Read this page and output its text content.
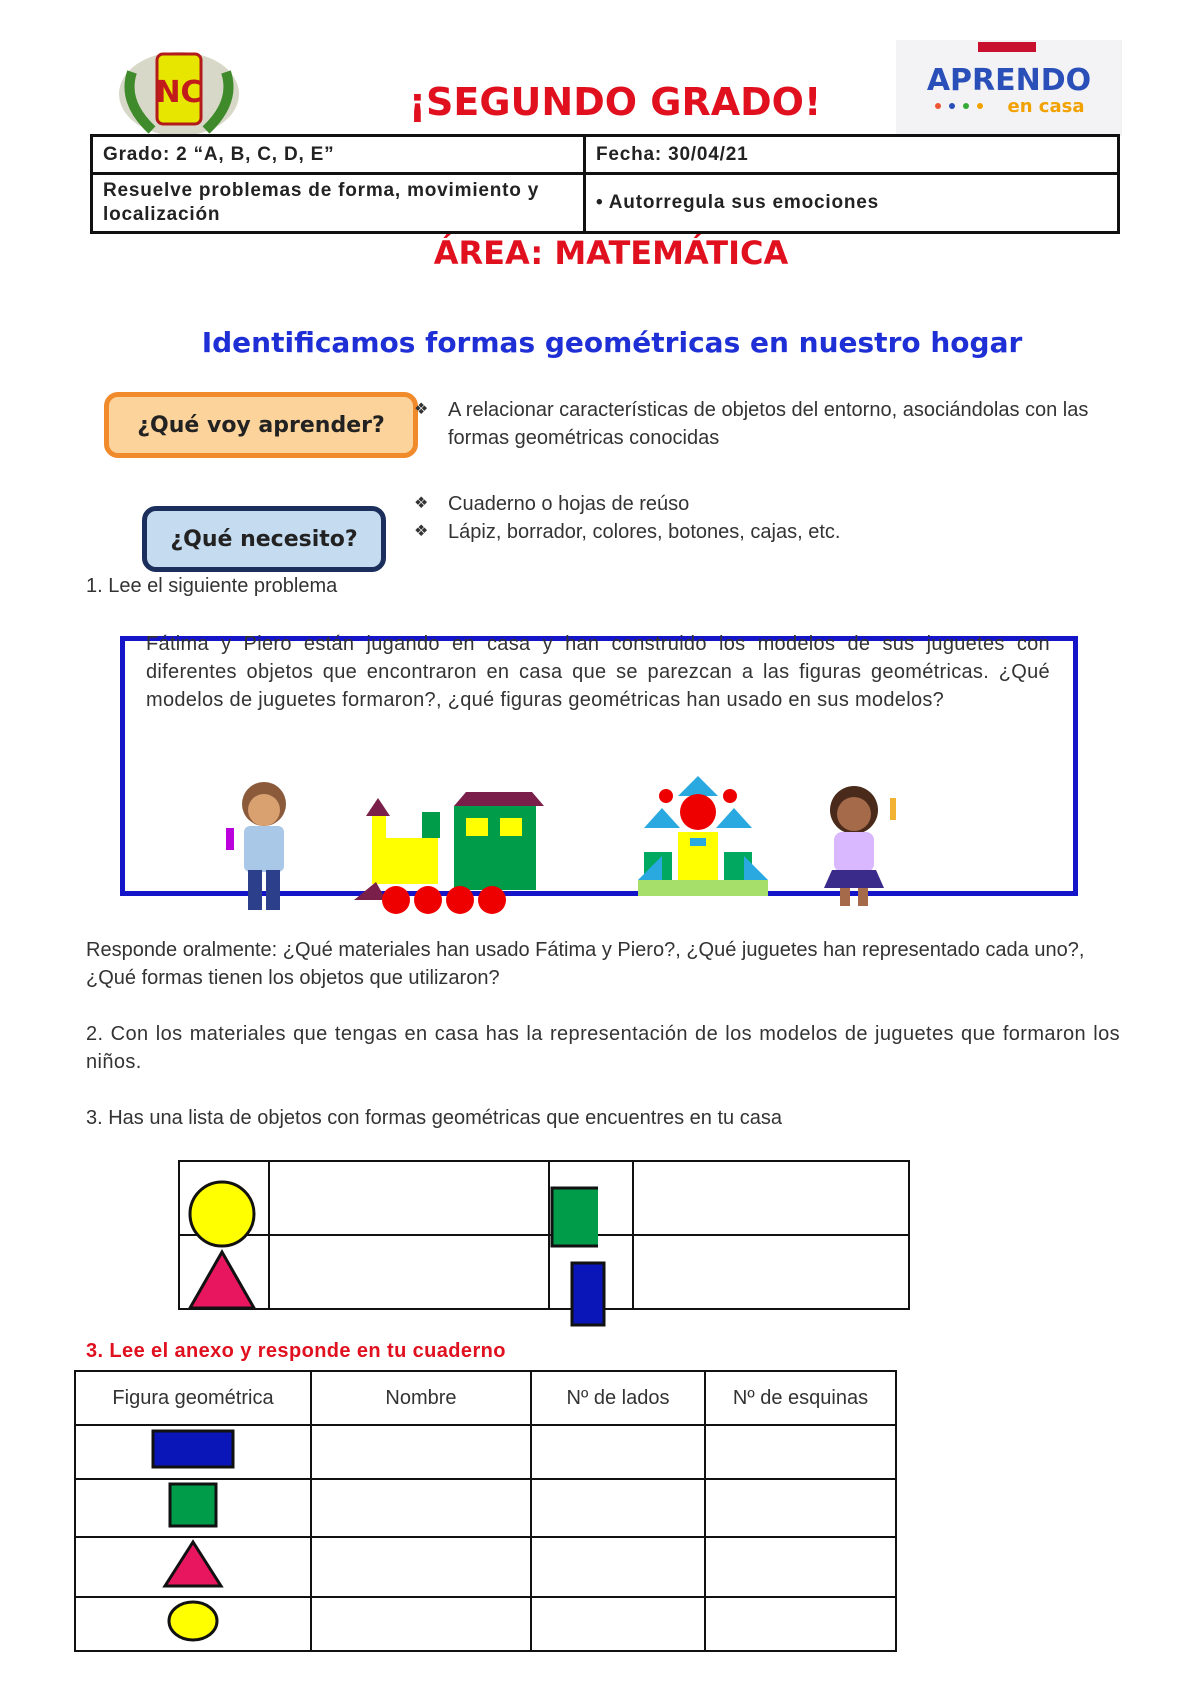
NC	APRENDO
en casa
¡SEGUNDO GRADO!
Grado: 2 “A, B, C, D, E”	Fecha: 30/04/21
Resuelve problemas de forma, movimiento y localización	• Autorregula sus emociones
ÁREA: MATEMÁTICA
Identificamos formas geométricas en nuestro hogar
¿Qué voy aprender?
❖ A relacionar características de objetos del entorno, asociándolas con las formas geométricas conocidas
¿Qué necesito?
❖ Cuaderno o hojas de reúso
❖ Lápiz, borrador, colores, botones, cajas, etc.
1. Lee el siguiente problema
Fátima y Piero están jugando en casa y han construido los modelos de sus juguetes con diferentes objetos que encontraron en casa que se parezcan a las figuras geométricas. ¿Qué modelos de juguetes formaron?, ¿qué figuras geométricas han usado en sus modelos?
Responde oralmente: ¿Qué materiales han usado Fátima y Piero?, ¿Qué juguetes han representado cada uno?, ¿Qué formas tienen los objetos que utilizaron?
2. Con los materiales que tengas en casa has la representación de los modelos de juguetes que formaron los niños.
3. Has una lista de objetos con formas geométricas que encuentres en tu casa

3. Lee el anexo y responde en tu cuaderno
Figura geométrica	Nombre	Nº de lados	Nº de esquinas
